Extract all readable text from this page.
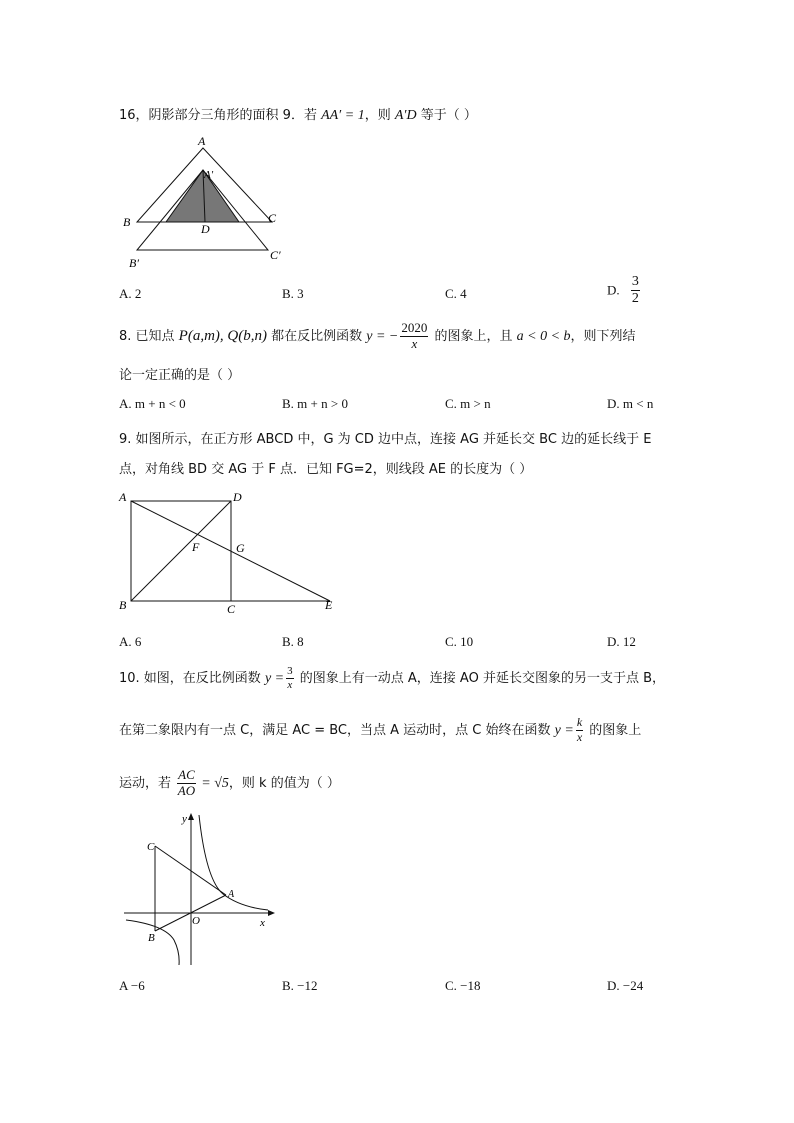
16，阴影部分三角形的面积 9．若 AA′ = 1，则 A′D 等于（ ）
A
A′
B	C
D
B′
C′
A. 2	B. 3	C. 4	D. $\frac{3}{2}$
8. 已知点 P(a,m), Q(b,n) 都在反比例函数 y = − $\frac{2020}{x}$ 的图象上，且 a < 0 < b，则下列结
论一定正确的是（ ）
A. m + n < 0	B. m + n > 0	C. m > n	D. m < n
9. 如图所示，在正方形 ABCD 中，G 为 CD 边中点，连接 AG 并延长交 BC 边的延长线于 E
点，对角线 BD 交 AG 于 F 点．已知 FG=2，则线段 AE 的长度为（ ）
A	D
B	C	E
F	G
A. 6	B. 8	C. 10	D. 12
10. 如图，在反比例函数 $y = \frac{3}{x}$ 的图象上有一动点 A，连接 AO 并延长交图象的另一支于点 B，
在第二象限内有一点 C，满足 AC = BC，当点 A 运动时，点 C 始终在函数 $y = \frac{k}{x}$ 的图象上
运动，若 $\frac{AC}{AO} = √5$，则 k 的值为（ ）
y
x
O
A
B
C
A −6	B. −12	C. −18	D. −24
